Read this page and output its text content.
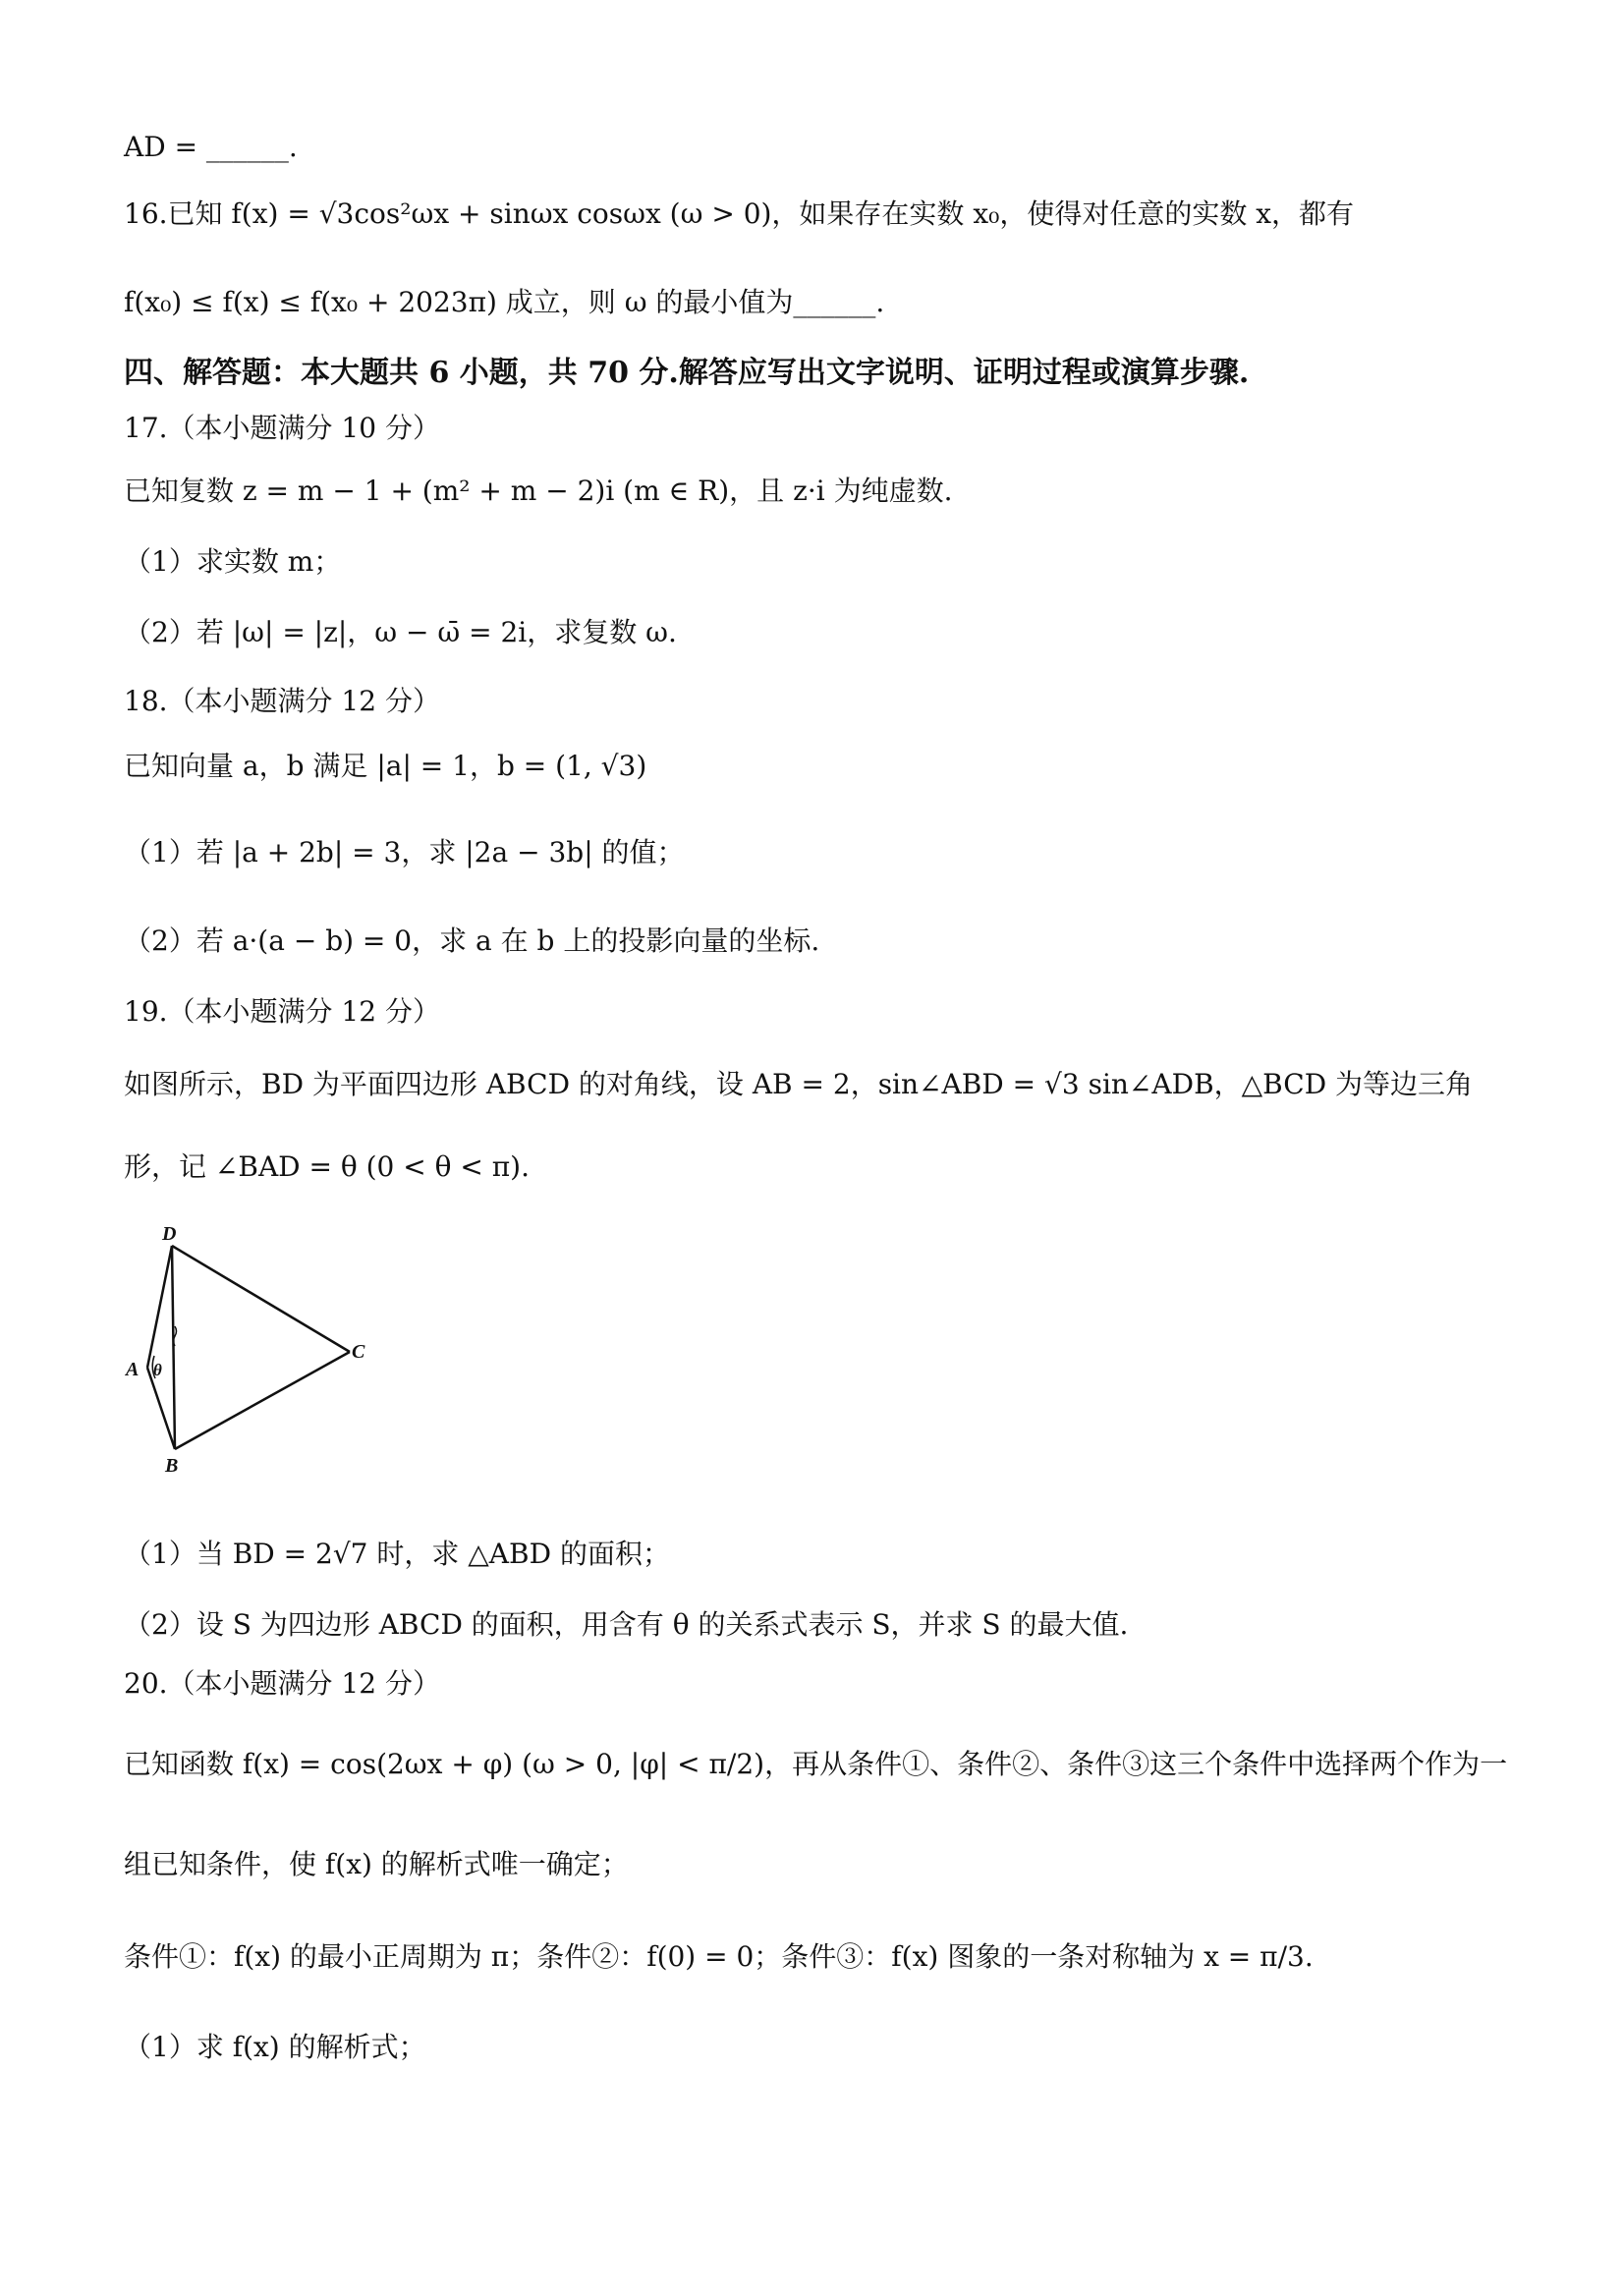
AD = ______.
16.已知 f(x) = √3cos²ωx + sinωx cosωx (ω > 0)，如果存在实数 x₀，使得对任意的实数 x，都有
f(x₀) ≤ f(x) ≤ f(x₀ + 2023π) 成立，则 ω 的最小值为______.
四、解答题：本大题共 6 小题，共 70 分.解答应写出文字说明、证明过程或演算步骤.
17.（本小题满分 10 分）
已知复数 z = m − 1 + (m² + m − 2)i (m ∈ R)，且 z·i 为纯虚数.
（1）求实数 m；
（2）若 |ω| = |z|，ω − ω̄ = 2i，求复数 ω.
18.（本小题满分 12 分）
已知向量 a，b 满足 |a| = 1，b = (1, √3)
（1）若 |a + 2b| = 3，求 |2a − 3b| 的值；
（2）若 a·(a − b) = 0，求 a 在 b 上的投影向量的坐标.
19.（本小题满分 12 分）
如图所示，BD 为平面四边形 ABCD 的对角线，设 AB = 2，sin∠ABD = √3 sin∠ADB，△BCD 为等边三角
形，记 ∠BAD = θ (0 < θ < π).
（1）当 BD = 2√7 时，求 △ABD 的面积；
（2）设 S 为四边形 ABCD 的面积，用含有 θ 的关系式表示 S，并求 S 的最大值.
20.（本小题满分 12 分）
已知函数 f(x) = cos(2ωx + φ) (ω > 0, |φ| < π/2)，再从条件①、条件②、条件③这三个条件中选择两个作为一
组已知条件，使 f(x) 的解析式唯一确定；
条件①：f(x) 的最小正周期为 π；条件②：f(0) = 0；条件③：f(x) 图象的一条对称轴为 x = π/3.
（1）求 f(x) 的解析式；
D
A θ
C
B
